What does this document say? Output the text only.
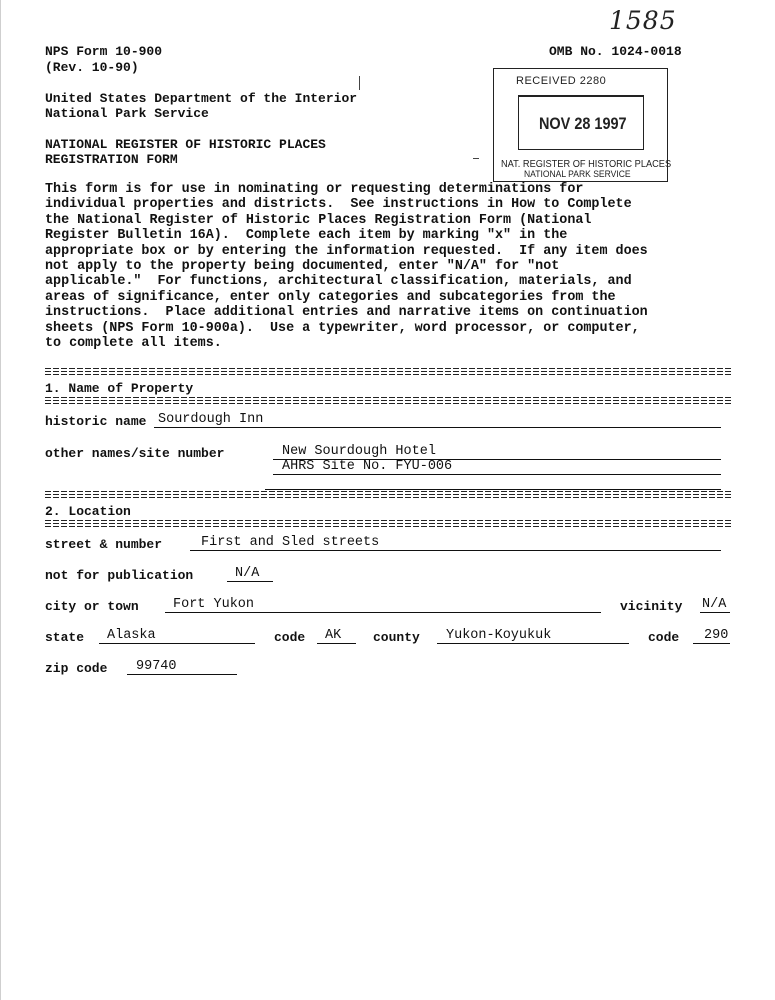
1585
NPS Form 10-900
(Rev. 10-90)
OMB No. 1024-0018
United States Department of the Interior
National Park Service
NATIONAL REGISTER OF HISTORIC PLACES
REGISTRATION FORM
RECEIVED 2280
NOV 28 1997
NAT. REGISTER OF HISTORIC PLACES
NATIONAL PARK SERVICE
This form is for use in nominating or requesting determinations for
individual properties and districts.  See instructions in How to Complete
the National Register of Historic Places Registration Form (National
Register Bulletin 16A).  Complete each item by marking "x" in the
appropriate box or by entering the information requested.  If any item does
not apply to the property being documented, enter "N/A" for "not
applicable."  For functions, architectural classification, materials, and
areas of significance, enter only categories and subcategories from the
instructions.  Place additional entries and narrative items on continuation
sheets (NPS Form 10-900a).  Use a typewriter, word processor, or computer,
to complete all items.
1. Name of Property
historic name Sourdough Inn
other names/site number	New Sourdough Hotel
AHRS Site No. FYU-006
2. Location
street & number	First and Sled streets
not for publication	N/A
city or town	Fort Yukon	vicinity N/A
state Alaska	code AK county Yukon-Koyukuk	code 290
zip code 99740
